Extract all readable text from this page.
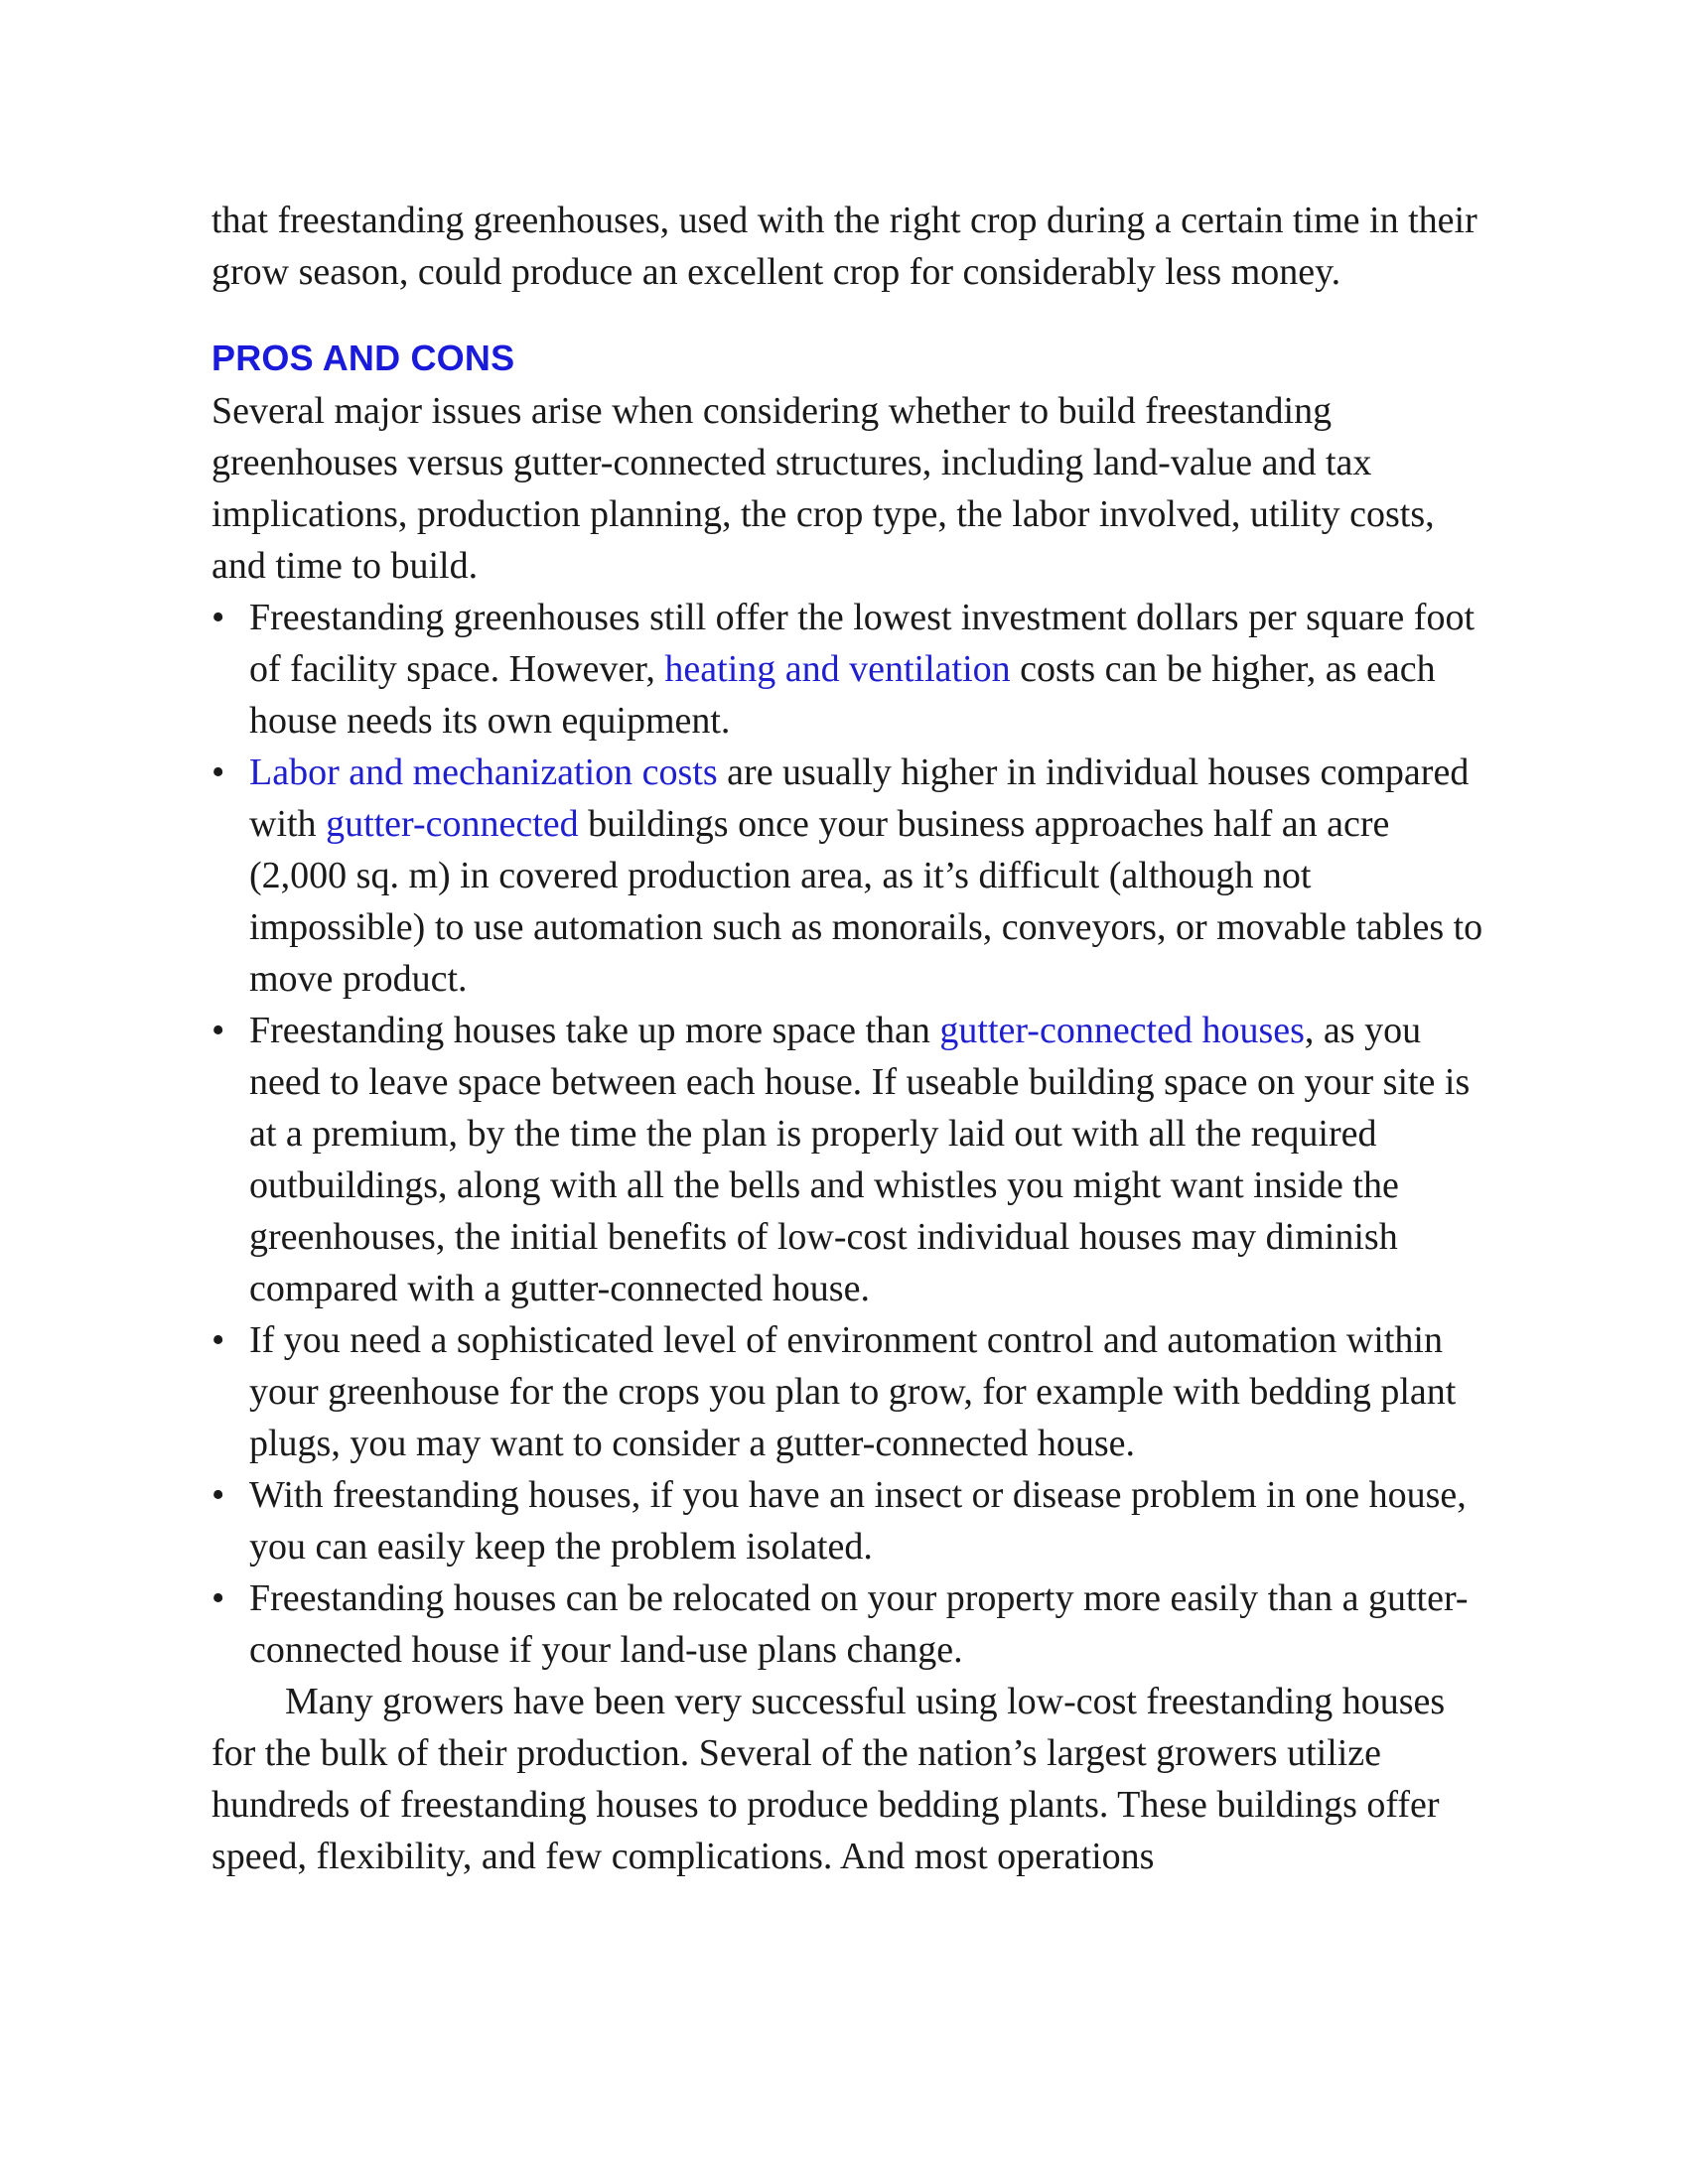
that freestanding greenhouses, used with the right crop during a certain time in their grow season, could produce an excellent crop for considerably less money.

PROS AND CONS

Several major issues arise when considering whether to build freestanding greenhouses versus gutter-connected structures, including land-value and tax implications, production planning, the crop type, the labor involved, utility costs, and time to build.

• Freestanding greenhouses still offer the lowest investment dollars per square foot of facility space. However, heating and ventilation costs can be higher, as each house needs its own equipment.
• Labor and mechanization costs are usually higher in individual houses compared with gutter-connected buildings once your business approaches half an acre (2,000 sq. m) in covered production area, as it’s difficult (although not impossible) to use automation such as monorails, conveyors, or movable tables to move product.
• Freestanding houses take up more space than gutter-connected houses, as you need to leave space between each house. If useable building space on your site is at a premium, by the time the plan is properly laid out with all the required outbuildings, along with all the bells and whistles you might want inside the greenhouses, the initial benefits of low-cost individual houses may diminish compared with a gutter-connected house.
• If you need a sophisticated level of environment control and automation within your greenhouse for the crops you plan to grow, for example with bedding plant plugs, you may want to consider a gutter-connected house.
• With freestanding houses, if you have an insect or disease problem in one house, you can easily keep the problem isolated.
• Freestanding houses can be relocated on your property more easily than a gutter-connected house if your land-use plans change.

Many growers have been very successful using low-cost freestanding houses for the bulk of their production. Several of the nation’s largest growers utilize hundreds of freestanding houses to produce bedding plants. These buildings offer speed, flexibility, and few complications. And most operations
